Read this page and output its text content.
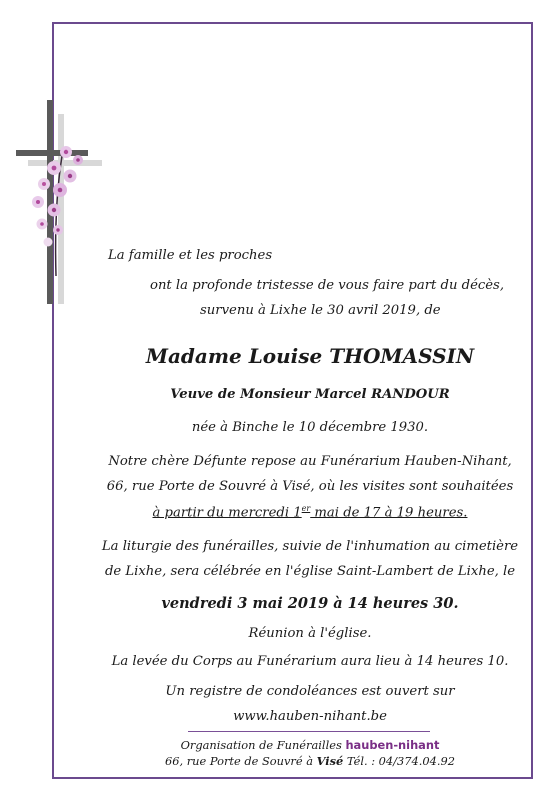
La famille et les proches
ont la profonde tristesse de vous faire part du décès,
survenu à Lixhe le 30 avril 2019, de
Madame Louise THOMASSIN
Veuve de Monsieur Marcel RANDOUR
née à Binche le 10 décembre 1930.
Notre chère Défunte repose au Funérarium Hauben-Nihant,
66, rue Porte de Souvré à Visé, où les visites sont souhaitées
à partir du mercredi 1er mai de 17 à 19 heures.
La liturgie des funérailles, suivie de l'inhumation au cimetière
de Lixhe, sera célébrée en l'église Saint-Lambert de Lixhe, le
vendredi 3 mai 2019 à 14 heures 30.
Réunion à l'église.
La levée du Corps au Funérarium aura lieu à 14 heures 10.
Un registre de condoléances est ouvert sur
www.hauben-nihant.be
Organisation de Funérailles hauben-nihant
66, rue Porte de Souvré à Visé Tél. : 04/374.04.92
